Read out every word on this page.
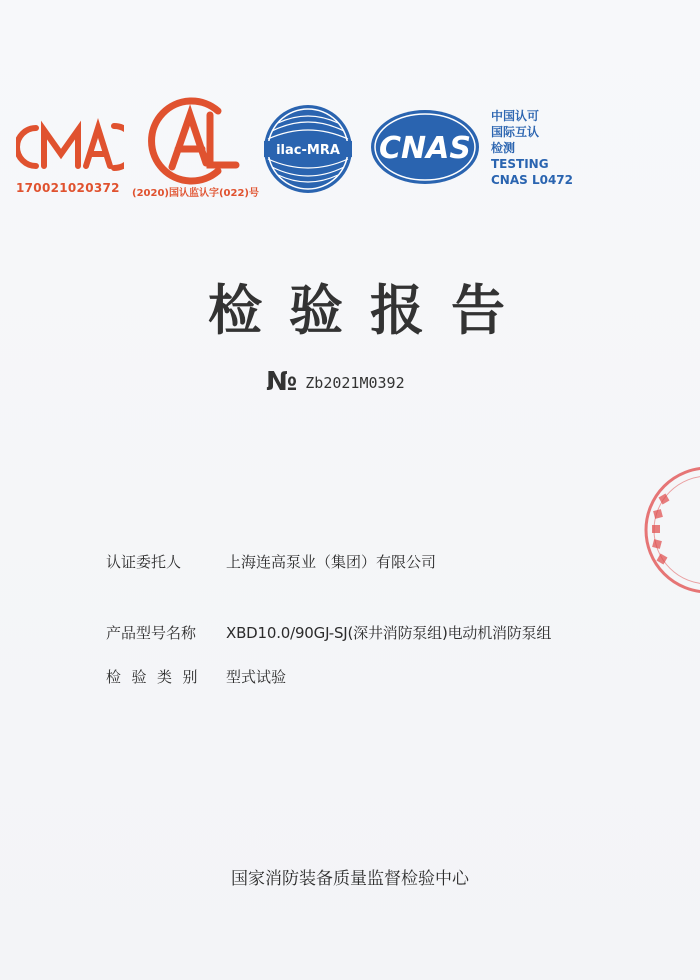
170021020372 (2020)国认监认字(022)号
ilac-MRA CNAS
中国认可
国际互认
检测
TESTING
CNAS L0472
检验报告
№ Zb2021M0392
认证委托人	上海连高泵业（集团）有限公司
产品型号名称 XBD10.0/90GJ-SJ(深井消防泵组)电动机消防泵组
检验类别 型式试验
国家消防装备质量监督检验中心
